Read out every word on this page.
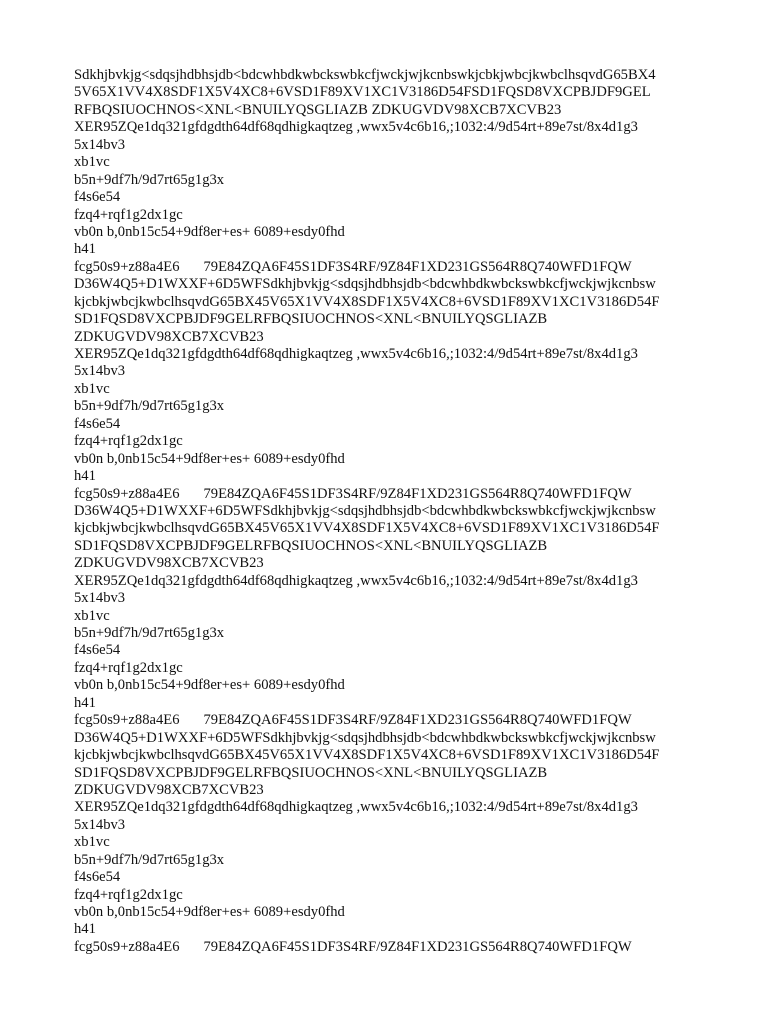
Sdkhjbvkjg<sdqsjhdbhsjdb<bdcwhbdkwbckswbkcfjwckjwjkcnbswkjcbkjwbcjkwbclhsqvdG65BX4
5V65X1VV4X8SDF1X5V4XC8+6VSD1F89XV1XC1V3186D54FSD1FQSD8VXCPBJDF9GEL
RFBQSIUOCHNOS<XNL<BNUILYQSGLIAZB ZDKUGVDV98XCB7XCVB23
XER95ZQe1dq321gfdgdth64df68qdhigkaqtzeg ,wwx5v4c6b16,;1032:4/9d54rt+89e7st/8x4d1g3
5x14bv3
xb1vc
b5n+9df7h/9d7rt65g1g3x
f4s6e54
fzq4+rqf1g2dx1gc
vb0n b,0nb15c54+9df8er+es+ 6089+esdy0fhd
h41
fcg50s9+z88a4E6 79E84ZQA6F45S1DF3S4RF/9Z84F1XD231GS564R8Q740WFD1FQW
D36W4Q5+D1WXXF+6D5WFSdkhjbvkjg<sdqsjhdbhsjdb<bdcwhbdkwbckswbkcfjwckjwjkcnbsw
kjcbkjwbcjkwbclhsqvdG65BX45V65X1VV4X8SDF1X5V4XC8+6VSD1F89XV1XC1V3186D54F
SD1FQSD8VXCPBJDF9GELRFBQSIUOCHNOS<XNL<BNUILYQSGLIAZB
ZDKUGVDV98XCB7XCVB23
XER95ZQe1dq321gfdgdth64df68qdhigkaqtzeg ,wwx5v4c6b16,;1032:4/9d54rt+89e7st/8x4d1g3
5x14bv3
xb1vc
b5n+9df7h/9d7rt65g1g3x
f4s6e54
fzq4+rqf1g2dx1gc
vb0n b,0nb15c54+9df8er+es+ 6089+esdy0fhd
h41
fcg50s9+z88a4E6 79E84ZQA6F45S1DF3S4RF/9Z84F1XD231GS564R8Q740WFD1FQW
D36W4Q5+D1WXXF+6D5WFSdkhjbvkjg<sdqsjhdbhsjdb<bdcwhbdkwbckswbkcfjwckjwjkcnbsw
kjcbkjwbcjkwbclhsqvdG65BX45V65X1VV4X8SDF1X5V4XC8+6VSD1F89XV1XC1V3186D54F
SD1FQSD8VXCPBJDF9GELRFBQSIUOCHNOS<XNL<BNUILYQSGLIAZB
ZDKUGVDV98XCB7XCVB23
XER95ZQe1dq321gfdgdth64df68qdhigkaqtzeg ,wwx5v4c6b16,;1032:4/9d54rt+89e7st/8x4d1g3
5x14bv3
xb1vc
b5n+9df7h/9d7rt65g1g3x
f4s6e54
fzq4+rqf1g2dx1gc
vb0n b,0nb15c54+9df8er+es+ 6089+esdy0fhd
h41
fcg50s9+z88a4E6 79E84ZQA6F45S1DF3S4RF/9Z84F1XD231GS564R8Q740WFD1FQW
D36W4Q5+D1WXXF+6D5WFSdkhjbvkjg<sdqsjhdbhsjdb<bdcwhbdkwbckswbkcfjwckjwjkcnbsw
kjcbkjwbcjkwbclhsqvdG65BX45V65X1VV4X8SDF1X5V4XC8+6VSD1F89XV1XC1V3186D54F
SD1FQSD8VXCPBJDF9GELRFBQSIUOCHNOS<XNL<BNUILYQSGLIAZB
ZDKUGVDV98XCB7XCVB23
XER95ZQe1dq321gfdgdth64df68qdhigkaqtzeg ,wwx5v4c6b16,;1032:4/9d54rt+89e7st/8x4d1g3
5x14bv3
xb1vc
b5n+9df7h/9d7rt65g1g3x
f4s6e54
fzq4+rqf1g2dx1gc
vb0n b,0nb15c54+9df8er+es+ 6089+esdy0fhd
h41
fcg50s9+z88a4E6 79E84ZQA6F45S1DF3S4RF/9Z84F1XD231GS564R8Q740WFD1FQW
